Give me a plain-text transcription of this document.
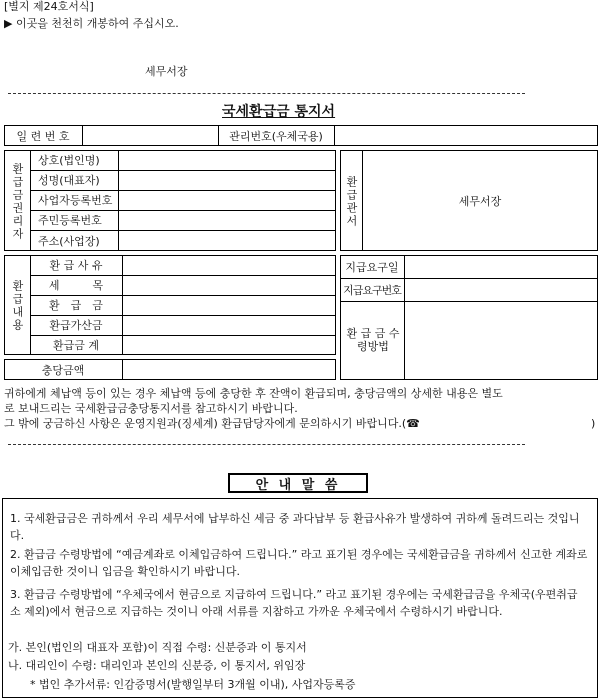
[별지 제24호서식]
▶ 이곳을 천천히 개봉하여 주십시오.
세무서장
국세환급금 통지서
일 련 번 호	관리번호(우체국용)
환급금권리자
상호(법인명)
성명(대표자)
사업자등록번호
주민등록번호
주소(사업장)
환급관서	세무서장
환급내용
환 급 사 유
세　　　목
환　급　금
환급가산금
환급금 계
지급요구일
지급요구번호
환 급 금 수령방법
충당금액
귀하에게 체납액 등이 있는 경우 체납액 등에 충당한 후 잔액이 환급되며, 충당금액의 상세한 내용은 별도
로 보내드리는 국세환급금충당통지서를 참고하시기 바랍니다.
그 밖에 궁금하신 사항은 운영지원과(징세계) 환급담당자에게 문의하시기 바랍니다.(☎	)
안 내 말 씀
1. 국세환급금은 귀하께서 우리 세무서에 납부하신 세금 중 과다납부 등 환급사유가 발생하여 귀하께 돌려드리는 것입니다.
2. 환급금 수령방법에 “예금계좌로 이체입금하여 드립니다.” 라고 표기된 경우에는 국세환급금을 귀하께서 신고한 계좌로 이체입금한 것이니 입금을 확인하시기 바랍니다.
3. 환급금 수령방법에 “우체국에서 현금으로 지급하여 드립니다.” 라고 표기된 경우에는 국세환급금을 우체국(우편취급소 제외)에서 현금으로 지급하는 것이니 아래 서류를 지참하고 가까운 우체국에서 수령하시기 바랍니다.
가. 본인(법인의 대표자 포함)이 직접 수령: 신분증과 이 통지서
나. 대리인이 수령: 대리인과 본인의 신분증, 이 통지서, 위임장
* 법인 추가서류: 인감증명서(발행일부터 3개월 이내), 사업자등록증
